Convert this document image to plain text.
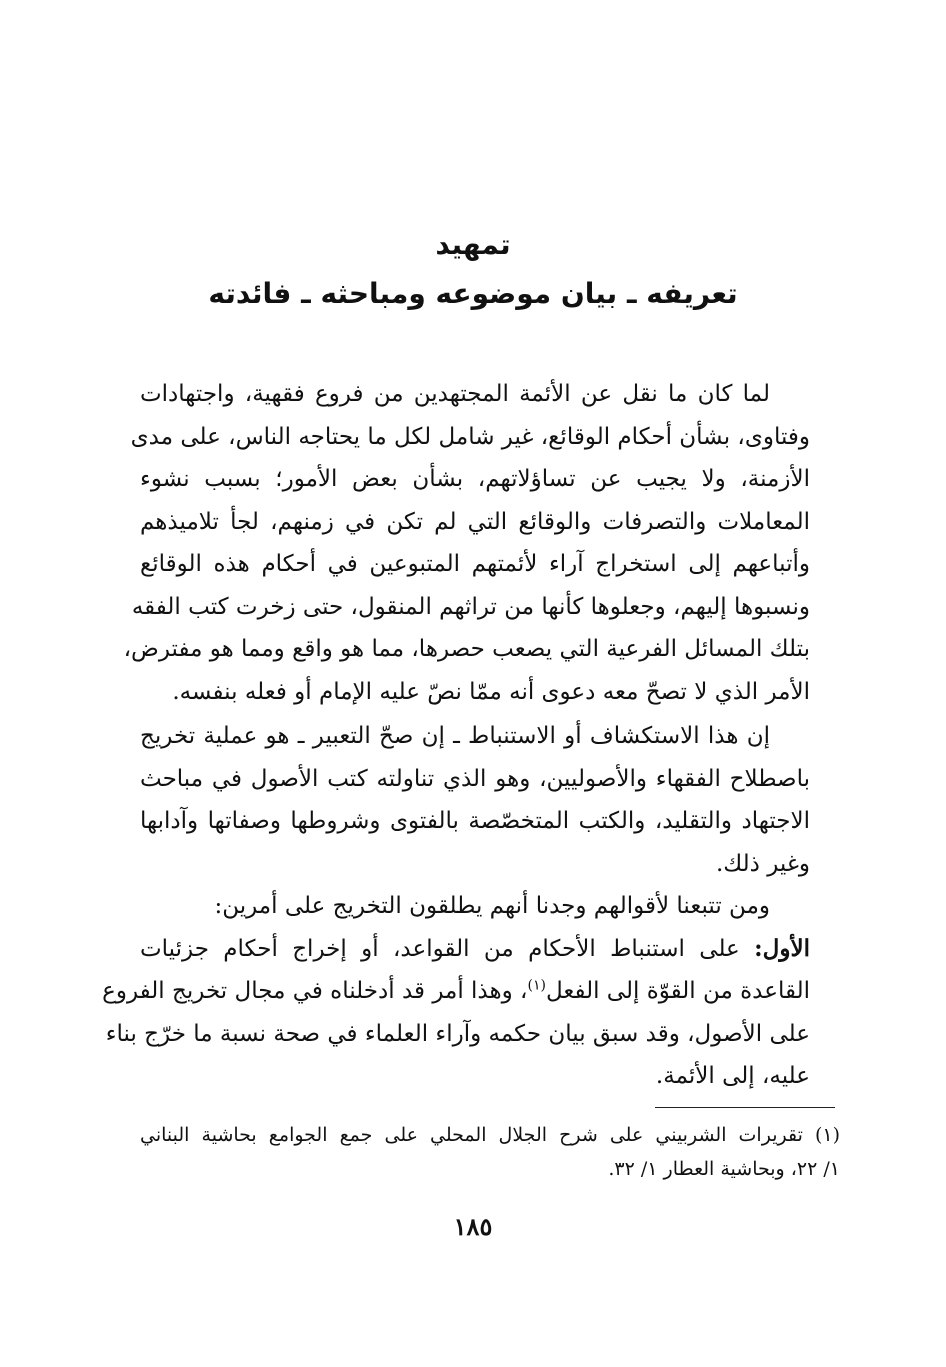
تمهيد
تعريفه ـ بيان موضوعه ومباحثه ـ فائدته
لما كان ما نقل عن الأئمة المجتهدين من فروع فقهية، واجتهادات
وفتاوى، بشأن أحكام الوقائع، غير شامل لكل ما يحتاجه الناس، على مدى
الأزمنة، ولا يجيب عن تساؤلاتهم، بشأن بعض الأمور؛ بسبب نشوء
المعاملات والتصرفات والوقائع التي لم تكن في زمنهم، لجأ تلاميذهم
وأتباعهم إلى استخراج آراء لأئمتهم المتبوعين في أحكام هذه الوقائع
ونسبوها إليهم، وجعلوها كأنها من تراثهم المنقول، حتى زخرت كتب الفقه
بتلك المسائل الفرعية التي يصعب حصرها، مما هو واقع ومما هو مفترض،
الأمر الذي لا تصحّ معه دعوى أنه ممّا نصّ عليه الإمام أو فعله بنفسه.
إن هذا الاستكشاف أو الاستنباط ـ إن صحّ التعبير ـ هو عملية تخريج
باصطلاح الفقهاء والأصوليين، وهو الذي تناولته كتب الأصول في مباحث
الاجتهاد والتقليد، والكتب المتخصّصة بالفتوى وشروطها وصفاتها وآدابها
وغير ذلك.
ومن تتبعنا لأقوالهم وجدنا أنهم يطلقون التخريج على أمرين:
الأول: على استنباط الأحكام من القواعد، أو إخراج أحكام جزئيات
القاعدة من القوّة إلى الفعل$^{(١)}$، وهذا أمر قد أدخلناه في مجال تخريج الفروع
على الأصول، وقد سبق بيان حكمه وآراء العلماء في صحة نسبة ما خرّج بناء
عليه، إلى الأئمة.
(١) تقريرات الشربيني على شرح الجلال المحلي على جمع الجوامع بحاشية البناني
١/ ٢٢، وبحاشية العطار ١/ ٣٢.
١٨٥
